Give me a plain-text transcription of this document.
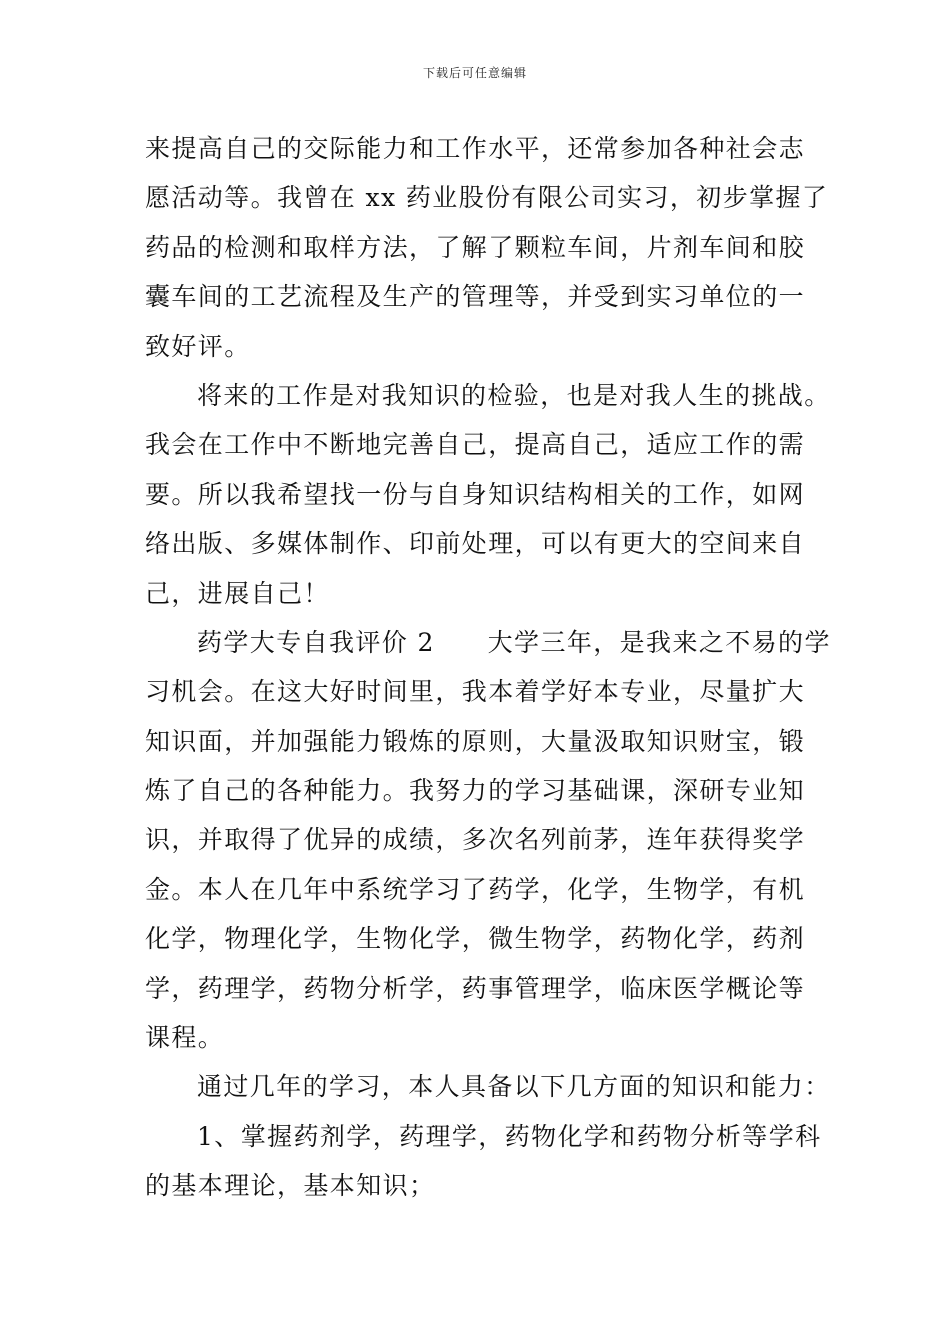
下载后可任意编辑
来提高自己的交际能力和工作水平，还常参加各种社会志
愿活动等。我曾在 xx 药业股份有限公司实习，初步掌握了
药品的检测和取样方法，了解了颗粒车间，片剂车间和胶
囊车间的工艺流程及生产的管理等，并受到实习单位的一
致好评。
将来的工作是对我知识的检验，也是对我人生的挑战。
我会在工作中不断地完善自己，提高自己，适应工作的需
要。所以我希望找一份与自身知识结构相关的工作，如网
络出版、多媒体制作、印前处理，可以有更大的空间来自
己，进展自己！
药学大专自我评价 2　　大学三年，是我来之不易的学
习机会。在这大好时间里，我本着学好本专业，尽量扩大
知识面，并加强能力锻炼的原则，大量汲取知识财宝，锻
炼了自己的各种能力。我努力的学习基础课，深研专业知
识，并取得了优异的成绩，多次名列前茅，连年获得奖学
金。本人在几年中系统学习了药学，化学，生物学，有机
化学，物理化学，生物化学，微生物学，药物化学，药剂
学，药理学，药物分析学，药事管理学，临床医学概论等
课程。
通过几年的学习，本人具备以下几方面的知识和能力：
1、掌握药剂学，药理学，药物化学和药物分析等学科
的基本理论，基本知识；
